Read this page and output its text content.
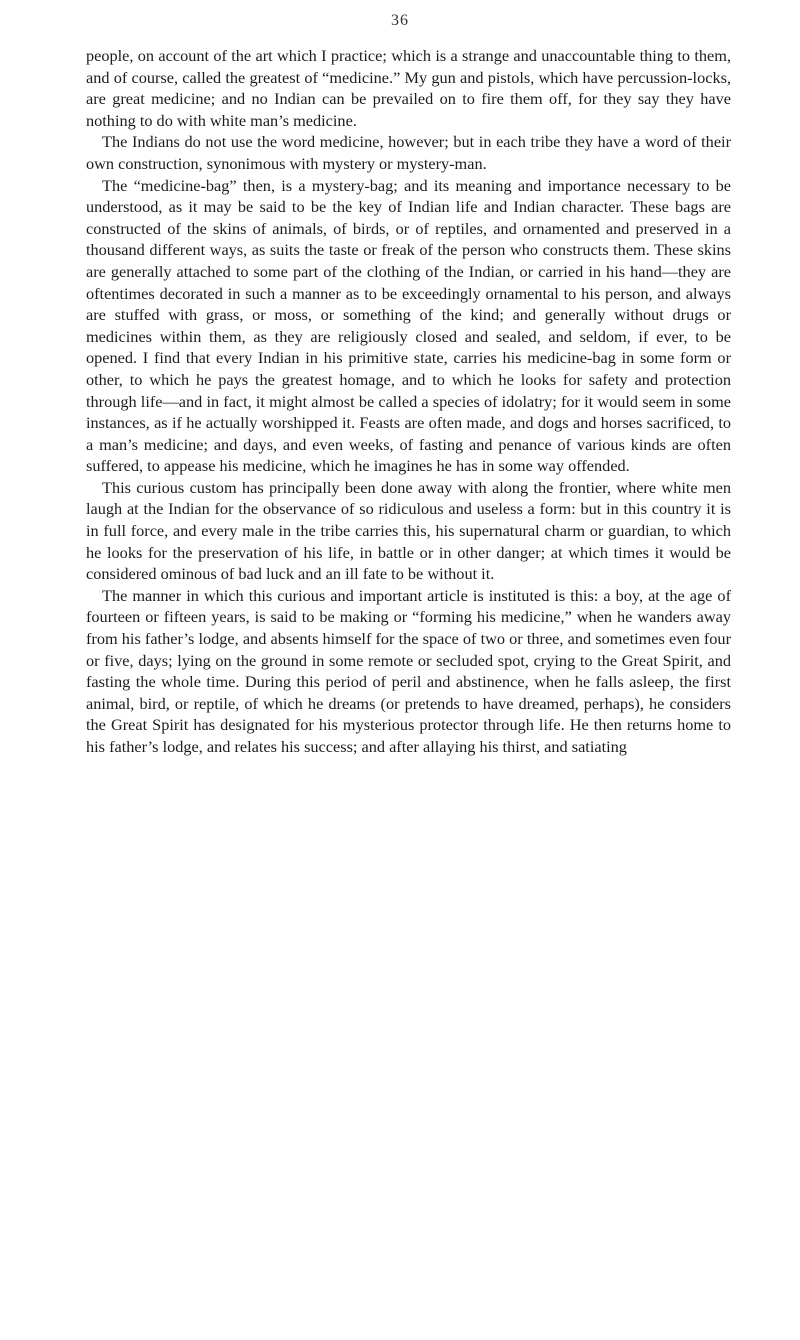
36

people, on account of the art which I practice; which is a strange and unaccountable thing to them, and of course, called the greatest of “medicine.” My gun and pistols, which have percussion-locks, are great medicine; and no Indian can be prevailed on to fire them off, for they say they have nothing to do with white man’s medicine.

The Indians do not use the word medicine, however; but in each tribe they have a word of their own construction, synonimous with mystery or mystery-man.

The “medicine-bag” then, is a mystery-bag; and its meaning and importance necessary to be understood, as it may be said to be the key of Indian life and Indian character. These bags are constructed of the skins of animals, of birds, or of reptiles, and ornamented and preserved in a thousand different ways, as suits the taste or freak of the person who constructs them. These skins are generally attached to some part of the clothing of the Indian, or carried in his hand—they are oftentimes decorated in such a manner as to be exceedingly ornamental to his person, and always are stuffed with grass, or moss, or something of the kind; and generally without drugs or medicines within them, as they are religiously closed and sealed, and seldom, if ever, to be opened. I find that every Indian in his primitive state, carries his medicine-bag in some form or other, to which he pays the greatest homage, and to which he looks for safety and protection through life—and in fact, it might almost be called a species of idolatry; for it would seem in some instances, as if he actually worshipped it. Feasts are often made, and dogs and horses sacrificed, to a man’s medicine; and days, and even weeks, of fasting and penance of various kinds are often suffered, to appease his medicine, which he imagines he has in some way offended.

This curious custom has principally been done away with along the frontier, where white men laugh at the Indian for the observance of so ridiculous and useless a form: but in this country it is in full force, and every male in the tribe carries this, his supernatural charm or guardian, to which he looks for the preservation of his life, in battle or in other danger; at which times it would be considered ominous of bad luck and an ill fate to be without it.

The manner in which this curious and important article is instituted is this: a boy, at the age of fourteen or fifteen years, is said to be making or “forming his medicine,” when he wanders away from his father’s lodge, and absents himself for the space of two or three, and sometimes even four or five, days; lying on the ground in some remote or secluded spot, crying to the Great Spirit, and fasting the whole time. During this period of peril and abstinence, when he falls asleep, the first animal, bird, or reptile, of which he dreams (or pretends to have dreamed, perhaps), he considers the Great Spirit has designated for his mysterious protector through life. He then returns home to his father’s lodge, and relates his success; and after allaying his thirst, and satiating
